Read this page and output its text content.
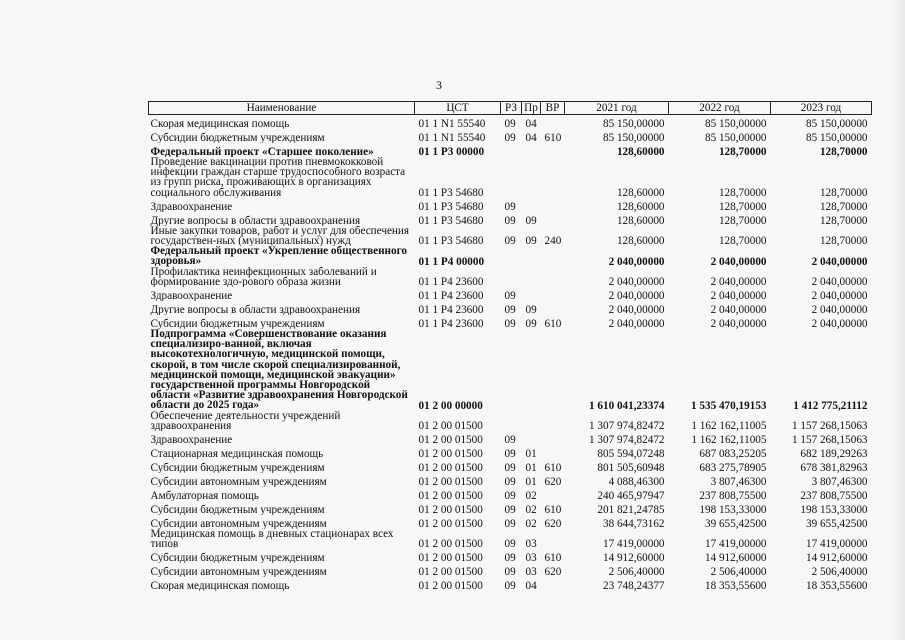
3
Наименование	ЦСТ	РЗ	Пр	ВР	2021 год	2022 год	2023 год
Скорая медицинская помощь	01 1 N1 55540	09	04		85 150,00000	85 150,00000	85 150,00000
Субсидии бюджетным учреждениям	01 1 N1 55540	09	04	610	85 150,00000	85 150,00000	85 150,00000
Федеральный проект «Старшее поколение»	01 1 P3 00000				128,60000	128,70000	128,70000
Проведение вакцинации против пневмококковой инфекции граждан старше трудоспособного возраста из групп риска, проживающих в организациях социального обслуживания	01 1 P3 54680				128,60000	128,70000	128,70000
Здравоохранение	01 1 P3 54680	09			128,60000	128,70000	128,70000
Другие вопросы в области здравоохранения	01 1 P3 54680	09	09		128,60000	128,70000	128,70000
Иные закупки товаров, работ и услуг для обеспечения государствен-ных (муниципальных) нужд	01 1 P3 54680	09	09	240	128,60000	128,70000	128,70000
Федеральный проект «Укрепление общественного здоровья»	01 1 P4 00000				2 040,00000	2 040,00000	2 040,00000
Профилактика неинфекционных заболеваний и формирование здо-рового образа жизни	01 1 P4 23600				2 040,00000	2 040,00000	2 040,00000
Здравоохранение	01 1 P4 23600	09			2 040,00000	2 040,00000	2 040,00000
Другие вопросы в области здравоохранения	01 1 P4 23600	09	09		2 040,00000	2 040,00000	2 040,00000
Субсидии бюджетным учреждениям	01 1 P4 23600	09	09	610	2 040,00000	2 040,00000	2 040,00000
Подпрограмма «Совершенствование оказания специализиро-ванной, включая высокотехнологичную, медицинской помощи, скорой, в том числе скорой специализированной, медицинской помощи, медицинской эвакуации» государственной программы Новгородской области «Развитие здравоохранения Новгородской области до 2025 года»	01 2 00 00000				1 610 041,23374	1 535 470,19153	1 412 775,21112
Обеспечение деятельности учреждений здравоохранения	01 2 00 01500				1 307 974,82472	1 162 162,11005	1 157 268,15063
Здравоохранение	01 2 00 01500	09			1 307 974,82472	1 162 162,11005	1 157 268,15063
Стационарная медицинская помощь	01 2 00 01500	09	01		805 594,07248	687 083,25205	682 189,29263
Субсидии бюджетным учреждениям	01 2 00 01500	09	01	610	801 505,60948	683 275,78905	678 381,82963
Субсидии автономным учреждениям	01 2 00 01500	09	01	620	4 088,46300	3 807,46300	3 807,46300
Амбулаторная помощь	01 2 00 01500	09	02		240 465,97947	237 808,75500	237 808,75500
Субсидии бюджетным учреждениям	01 2 00 01500	09	02	610	201 821,24785	198 153,33000	198 153,33000
Субсидии автономным учреждениям	01 2 00 01500	09	02	620	38 644,73162	39 655,42500	39 655,42500
Медицинская помощь в дневных стационарах всех типов	01 2 00 01500	09	03		17 419,00000	17 419,00000	17 419,00000
Субсидии бюджетным учреждениям	01 2 00 01500	09	03	610	14 912,60000	14 912,60000	14 912,60000
Субсидии автономным учреждениям	01 2 00 01500	09	03	620	2 506,40000	2 506,40000	2 506,40000
Скорая медицинская помощь	01 2 00 01500	09	04		23 748,24377	18 353,55600	18 353,55600
